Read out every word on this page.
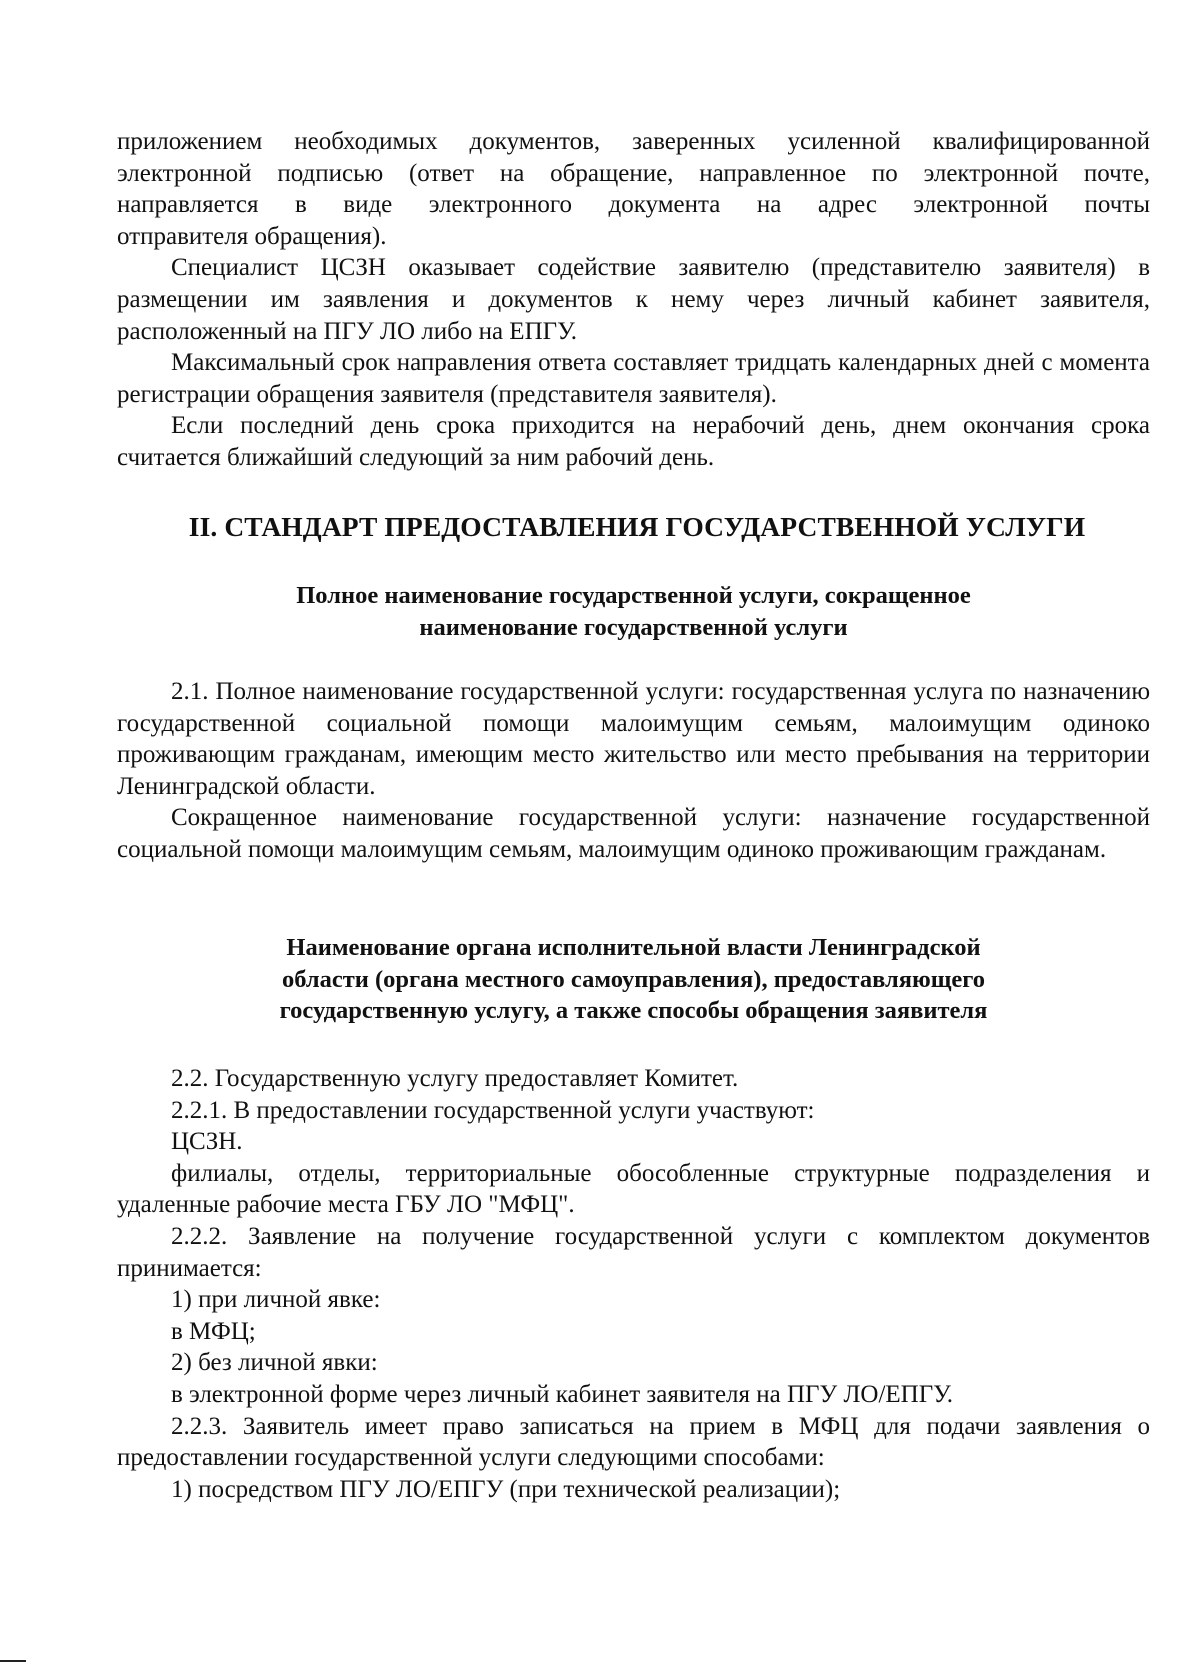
приложением необходимых документов, заверенных усиленной квалифицированной

электронной подписью (ответ на обращение, направленное по электронной почте,

направляется в виде электронного документа на адрес электронной почты

отправителя обращения).

Специалист ЦСЗН оказывает содействие заявителю (представителю заявителя) в размещении им заявления и документов к нему через личный кабинет заявителя, расположенный на ПГУ ЛО либо на ЕПГУ.

Максимальный срок направления ответа составляет тридцать календарных дней с момента регистрации обращения заявителя (представителя заявителя).

Если последний день срока приходится на нерабочий день, днем окончания срока считается ближайший следующий за ним рабочий день.

II. СТАНДАРТ ПРЕДОСТАВЛЕНИЯ ГОСУДАРСТВЕННОЙ УСЛУГИ

Полное наименование государственной услуги, сокращенное
наименование государственной услуги

2.1. Полное наименование государственной услуги: государственная услуга по назначению государственной социальной помощи малоимущим семьям, малоимущим одиноко проживающим гражданам, имеющим место жительство или место пребывания на территории Ленинградской области.

Сокращенное наименование государственной услуги: назначение государственной социальной помощи малоимущим семьям, малоимущим одиноко проживающим гражданам.

Наименование органа исполнительной власти Ленинградской
области (органа местного самоуправления), предоставляющего
государственную услугу, а также способы обращения заявителя

2.2. Государственную услугу предоставляет Комитет.

2.2.1. В предоставлении государственной услуги участвуют:

ЦСЗН.

филиалы, отделы, территориальные обособленные структурные подразделения и удаленные рабочие места ГБУ ЛО "МФЦ".

2.2.2. Заявление на получение государственной услуги с комплектом документов принимается:

1) при личной явке:

в МФЦ;

2) без личной явки:

в электронной форме через личный кабинет заявителя на ПГУ ЛО/ЕПГУ.

2.2.3. Заявитель имеет право записаться на прием в МФЦ для подачи заявления о предоставлении государственной услуги следующими способами:

1) посредством ПГУ ЛО/ЕПГУ (при технической реализации);
